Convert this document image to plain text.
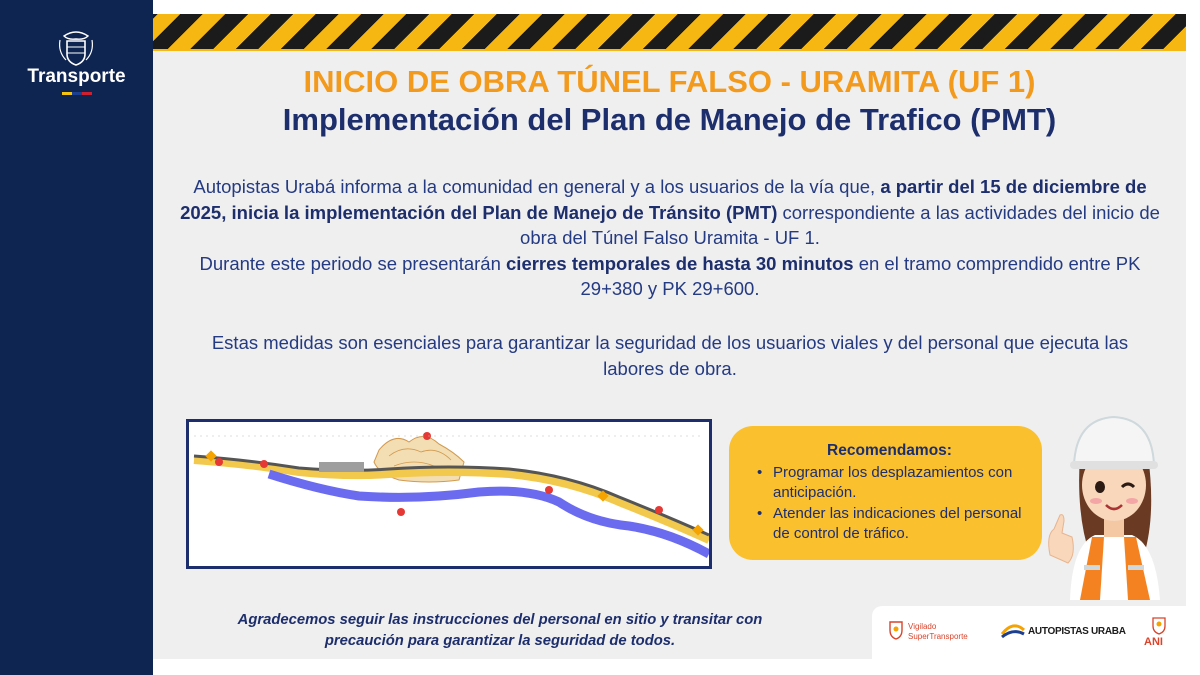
Transporte	INICIO DE OBRA TÚNEL FALSO - URAMITA (UF 1)
Implementación del Plan de Manejo de Trafico (PMT)
Autopistas Urabá informa a la comunidad en general y a los usuarios de la vía que, a partir del 15 de diciembre de 2025, inicia la implementación del Plan de Manejo de Tránsito (PMT) correspondiente a las actividades del inicio de obra del Túnel Falso Uramita - UF 1.
Durante este periodo se presentarán cierres temporales de hasta 30 minutos en el tramo comprendido entre PK 29+380 y PK 29+600.
Estas medidas son esenciales para garantizar la seguridad de los usuarios viales y del personal que ejecuta las labores de obra.
Recomendamos:
• Programar los desplazamientos con anticipación.
• Atender las indicaciones del personal de control de tráfico.
Agradecemos seguir las instrucciones del personal en sitio y transitar con
precaución para garantizar la seguridad de todos.
Vigilado
SuperTransporte	AUTOPISTAS URABA
ANI
